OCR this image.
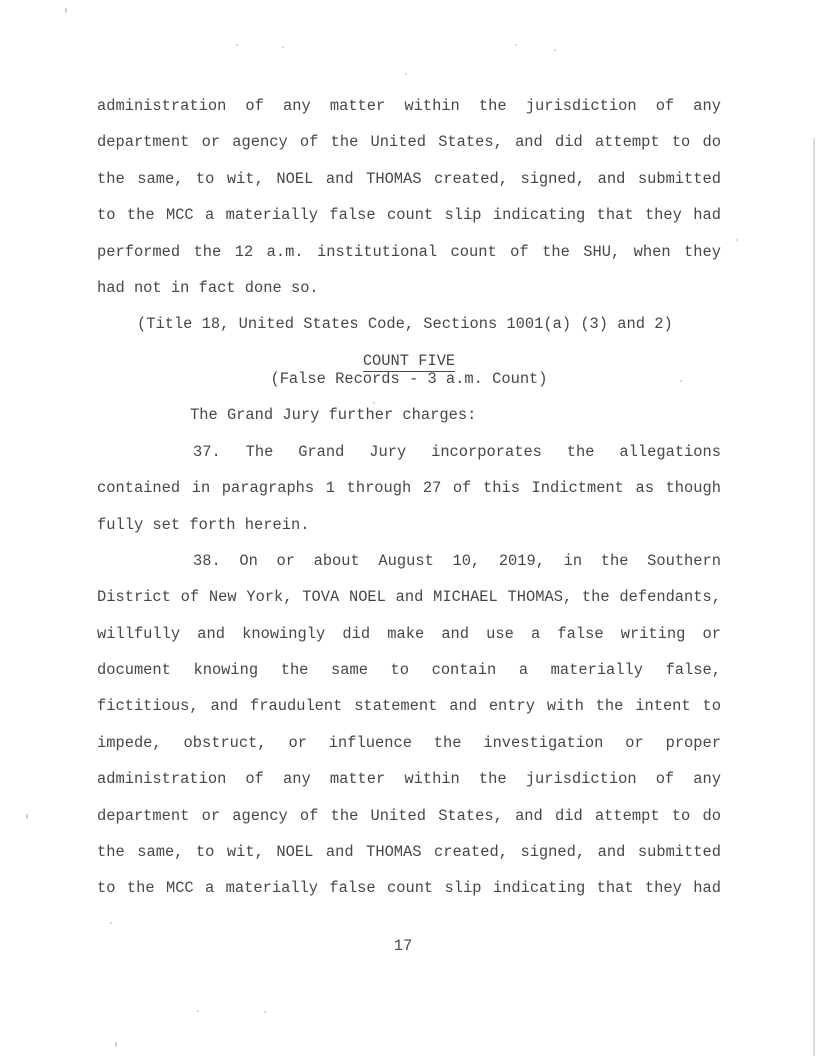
administration of any matter within the jurisdiction of any
department or agency of the United States, and did attempt to do
the same, to wit, NOEL and THOMAS created, signed, and submitted
to the MCC a materially false count slip indicating that they had
performed the 12 a.m. institutional count of the SHU, when they
had not in fact done so.
(Title 18, United States Code, Sections 1001(a) (3) and 2)
COUNT FIVE
(False Records - 3 a.m. Count)
The Grand Jury further charges:
37. The Grand Jury incorporates the allegations
contained in paragraphs 1 through 27 of this Indictment as though
fully set forth herein.
38. On or about August 10, 2019, in the Southern
District of New York, TOVA NOEL and MICHAEL THOMAS, the defendants,
willfully and knowingly did make and use a false writing or
document knowing the same to contain a materially false,
fictitious, and fraudulent statement and entry with the intent to
impede, obstruct, or influence the investigation or proper
administration of any matter within the jurisdiction of any
department or agency of the United States, and did attempt to do
the same, to wit, NOEL and THOMAS created, signed, and submitted
to the MCC a materially false count slip indicating that they had
17
